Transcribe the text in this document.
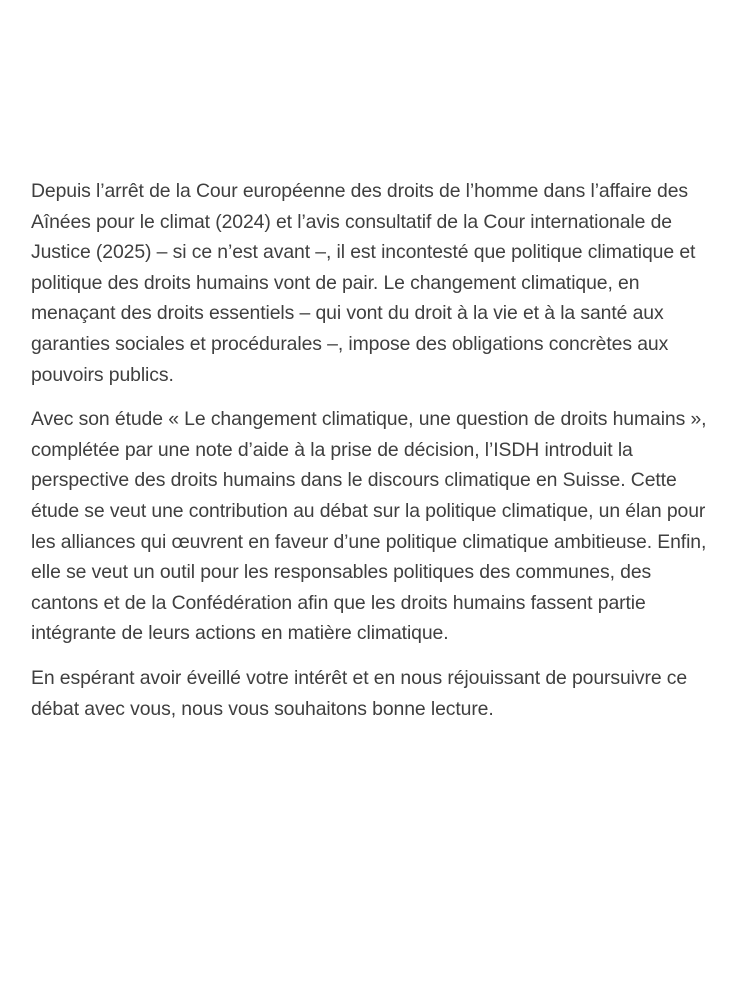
Depuis l’arrêt de la Cour européenne des droits de l’homme dans l’affaire des Aînées pour le climat (2024) et l’avis consultatif de la Cour internationale de Justice (2025) – si ce n’est avant –, il est incontesté que politique climatique et politique des droits humains vont de pair. Le changement climatique, en menaçant des droits essentiels – qui vont du droit à la vie et à la santé aux garanties sociales et procédurales –, impose des obligations concrètes aux pouvoirs publics.

Avec son étude « Le changement climatique, une question de droits humains », complétée par une note d’aide à la prise de décision, l’ISDH introduit la perspective des droits humains dans le discours climatique en Suisse. Cette étude se veut une contribution au débat sur la politique climatique, un élan pour les alliances qui œuvrent en faveur d’une politique climatique ambitieuse. Enfin, elle se veut un outil pour les responsables politiques des communes, des cantons et de la Confédération afin que les droits humains fassent partie intégrante de leurs actions en matière climatique.

En espérant avoir éveillé votre intérêt et en nous réjouissant de poursuivre ce débat avec vous, nous vous souhaitons bonne lecture.
